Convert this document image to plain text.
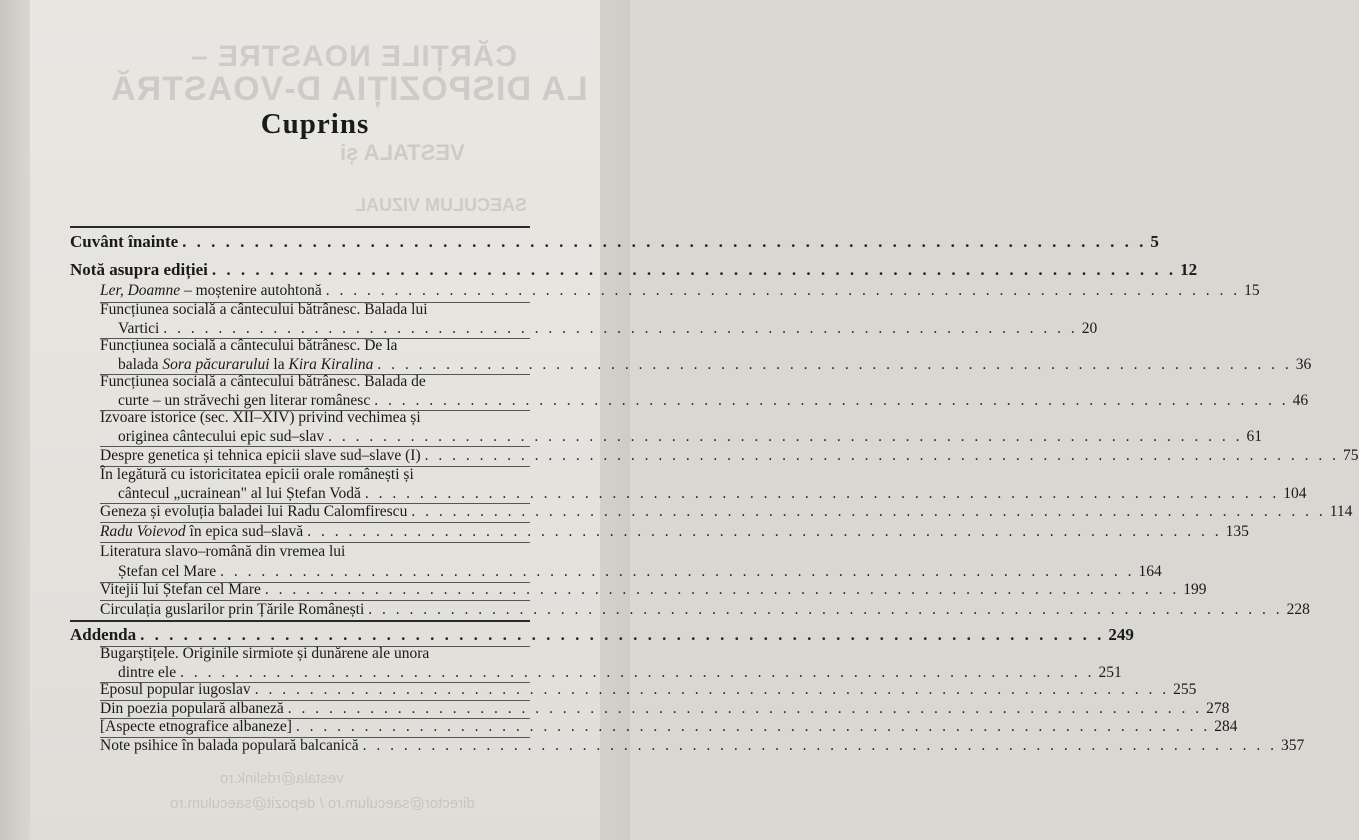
Cuprins
Cuvânt înainte . . . . . . . . . . . . . . . . . . . . . . . . . . . . . . . . . . . . . . . . . . . . . . . . . . . . . . . . . . . . . . . . . . . 5
Notă asupra ediției . . . . . . . . . . . . . . . . . . . . . . . . . . . . . . . . . . . . . . . . . . . . . . . . . . . . . . . . . . . . . . . . . . . 12
Ler, Doamne – moștenire autohtonă . . . . . . . . . . . . . . . . . . . . . . . . . . . . . . . . . . . . . . . . . . . . . . . . . . . . . . . . . . . . . . . . . . . 15
Funcțiunea socială a cântecului bătrânesc. Balada lui
Vartici . . . . . . . . . . . . . . . . . . . . . . . . . . . . . . . . . . . . . . . . . . . . . . . . . . . . . . . . . . . . . . . . . . . 20
Funcțiunea socială a cântecului bătrânesc. De la
balada Sora păcurarului la Kira Kiralina . . . . . . . . . . . . . . . . . . . . . . . . . . . . . . . . . . . . . . . . . . . . . . . . . . . . . . . . . . . . . . . . . . . 36
Funcțiunea socială a cântecului bătrânesc. Balada de
curte – un străvechi gen literar românesc . . . . . . . . . . . . . . . . . . . . . . . . . . . . . . . . . . . . . . . . . . . . . . . . . . . . . . . . . . . . . . . . . . . 46
Izvoare istorice (sec. XII–XIV) privind vechimea și
originea cântecului epic sud–slav . . . . . . . . . . . . . . . . . . . . . . . . . . . . . . . . . . . . . . . . . . . . . . . . . . . . . . . . . . . . . . . . . . . 61
Despre genetica și tehnica epicii slave sud–slave (I) . . . . . . . . . . . . . . . . . . . . . . . . . . . . . . . . . . . . . . . . . . . . . . . . . . . . . . . . . . . . . . . . . . . 75
În legătură cu istoricitatea epicii orale românești și
cântecul „ucrainean" al lui Ștefan Vodă . . . . . . . . . . . . . . . . . . . . . . . . . . . . . . . . . . . . . . . . . . . . . . . . . . . . . . . . . . . . . . . . . . . 104
Geneza și evoluția baladei lui Radu Calomfirescu . . . . . . . . . . . . . . . . . . . . . . . . . . . . . . . . . . . . . . . . . . . . . . . . . . . . . . . . . . . . . . . . . . . 114
Radu Voievod în epica sud–slavă . . . . . . . . . . . . . . . . . . . . . . . . . . . . . . . . . . . . . . . . . . . . . . . . . . . . . . . . . . . . . . . . . . . 135
Literatura slavo–română din vremea lui
Ștefan cel Mare . . . . . . . . . . . . . . . . . . . . . . . . . . . . . . . . . . . . . . . . . . . . . . . . . . . . . . . . . . . . . . . . . . . 164
Vitejii lui Ștefan cel Mare . . . . . . . . . . . . . . . . . . . . . . . . . . . . . . . . . . . . . . . . . . . . . . . . . . . . . . . . . . . . . . . . . . . 199
Circulația guslarilor prin Țările Românești . . . . . . . . . . . . . . . . . . . . . . . . . . . . . . . . . . . . . . . . . . . . . . . . . . . . . . . . . . . . . . . . . . . 228
Addenda . . . . . . . . . . . . . . . . . . . . . . . . . . . . . . . . . . . . . . . . . . . . . . . . . . . . . . . . . . . . . . . . . . . 249
Bugarștițele. Originile sirmiote și dunărene ale unora
dintre ele . . . . . . . . . . . . . . . . . . . . . . . . . . . . . . . . . . . . . . . . . . . . . . . . . . . . . . . . . . . . . . . . . . . 251
Eposul popular iugoslav . . . . . . . . . . . . . . . . . . . . . . . . . . . . . . . . . . . . . . . . . . . . . . . . . . . . . . . . . . . . . . . . . . . 255
Din poezia populară albaneză . . . . . . . . . . . . . . . . . . . . . . . . . . . . . . . . . . . . . . . . . . . . . . . . . . . . . . . . . . . . . . . . . . . 278
[Aspecte etnografice albaneze] . . . . . . . . . . . . . . . . . . . . . . . . . . . . . . . . . . . . . . . . . . . . . . . . . . . . . . . . . . . . . . . . . . . 284
Note psihice în balada populară balcanică . . . . . . . . . . . . . . . . . . . . . . . . . . . . . . . . . . . . . . . . . . . . . . . . . . . . . . . . . . . . . . . . . . . 357
